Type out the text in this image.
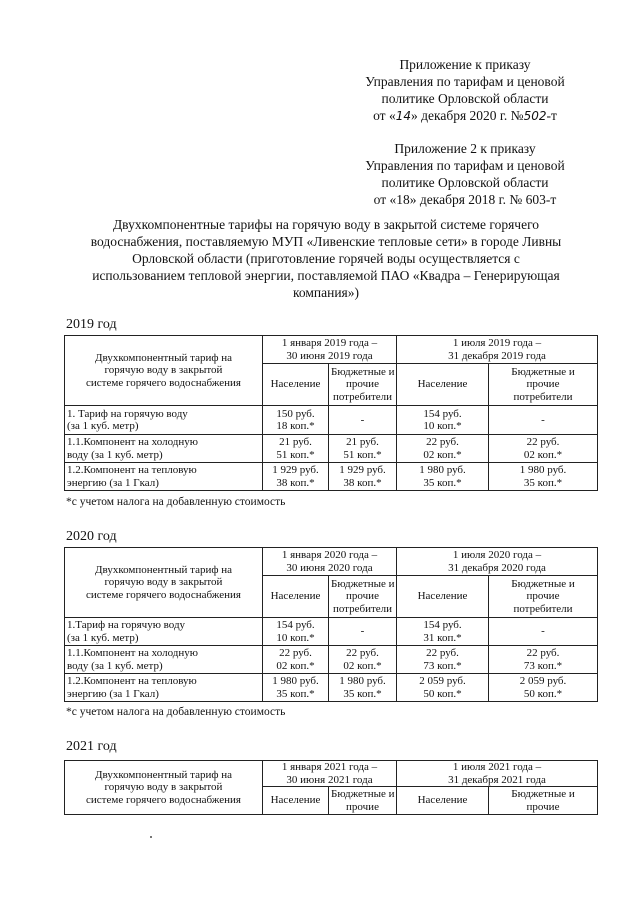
Приложение к приказу
Управления по тарифам и ценовой
политике Орловской области
от «14» декабря 2020 г. №502-т
Приложение 2 к приказу
Управления по тарифам и ценовой
политике Орловской области
от «18» декабря 2018 г. № 603-т
Двухкомпонентные тарифы на горячую воду в закрытой системе горячего
водоснабжения, поставляемую МУП «Ливенские тепловые сети» в городе Ливны
Орловской области (приготовление горячей воды осуществляется с
использованием тепловой энергии, поставляемой ПАО «Квадра – Генерирующая
компания»)
2019 год
Двухкомпонентный тариф на
горячую воду в закрытой
системе горячего водоснабжения	1 января 2019 года –
30 июня 2019 года		1 июля 2019 года –
31 декабря 2019 года	

	Население	Бюджетные и
прочие
потребители	Население	Бюджетные и
прочие
потребители

1. Тариф на горячую воду
(за 1 куб. метр)	150 руб.
18 коп.*	-	154 руб.
10 коп.*	-

1.1.Компонент на холодную
воду (за 1 куб. метр)	21 руб.
51 коп.*	21 руб.
51 коп.*	22 руб.
02 коп.*	22 руб.
02 коп.*

1.2.Компонент на тепловую
энергию (за 1 Гкал)	1 929 руб.
38 коп.*	1 929 руб.
38 коп.*	1 980 руб.
35 коп.*	1 980 руб.
35 коп.*
*с учетом налога на добавленную стоимость
2020 год
Двухкомпонентный тариф на
горячую воду в закрытой
системе горячего водоснабжения	1 января 2020 года –
30 июня 2020 года		1 июля 2020 года –
31 декабря 2020 года	

	Население	Бюджетные и
прочие
потребители	Население	Бюджетные и
прочие
потребители

1.Тариф на горячую воду
(за 1 куб. метр)	154 руб.
10 коп.*	-	154 руб.
31 коп.*	-

1.1.Компонент на холодную
воду (за 1 куб. метр)	22 руб.
02 коп.*	22 руб.
02 коп.*	22 руб.
73 коп.*	22 руб.
73 коп.*

1.2.Компонент на тепловую
энергию (за 1 Гкал)	1 980 руб.
35 коп.*	1 980 руб.
35 коп.*	2 059 руб.
50 коп.*	2 059 руб.
50 коп.*
*с учетом налога на добавленную стоимость
2021 год
Двухкомпонентный тариф на
горячую воду в закрытой
системе горячего водоснабжения	1 января 2021 года –
30 июня 2021 года		1 июля 2021 года –
31 декабря 2021 года	

	Население	Бюджетные и
прочие	Население	Бюджетные и
прочие
